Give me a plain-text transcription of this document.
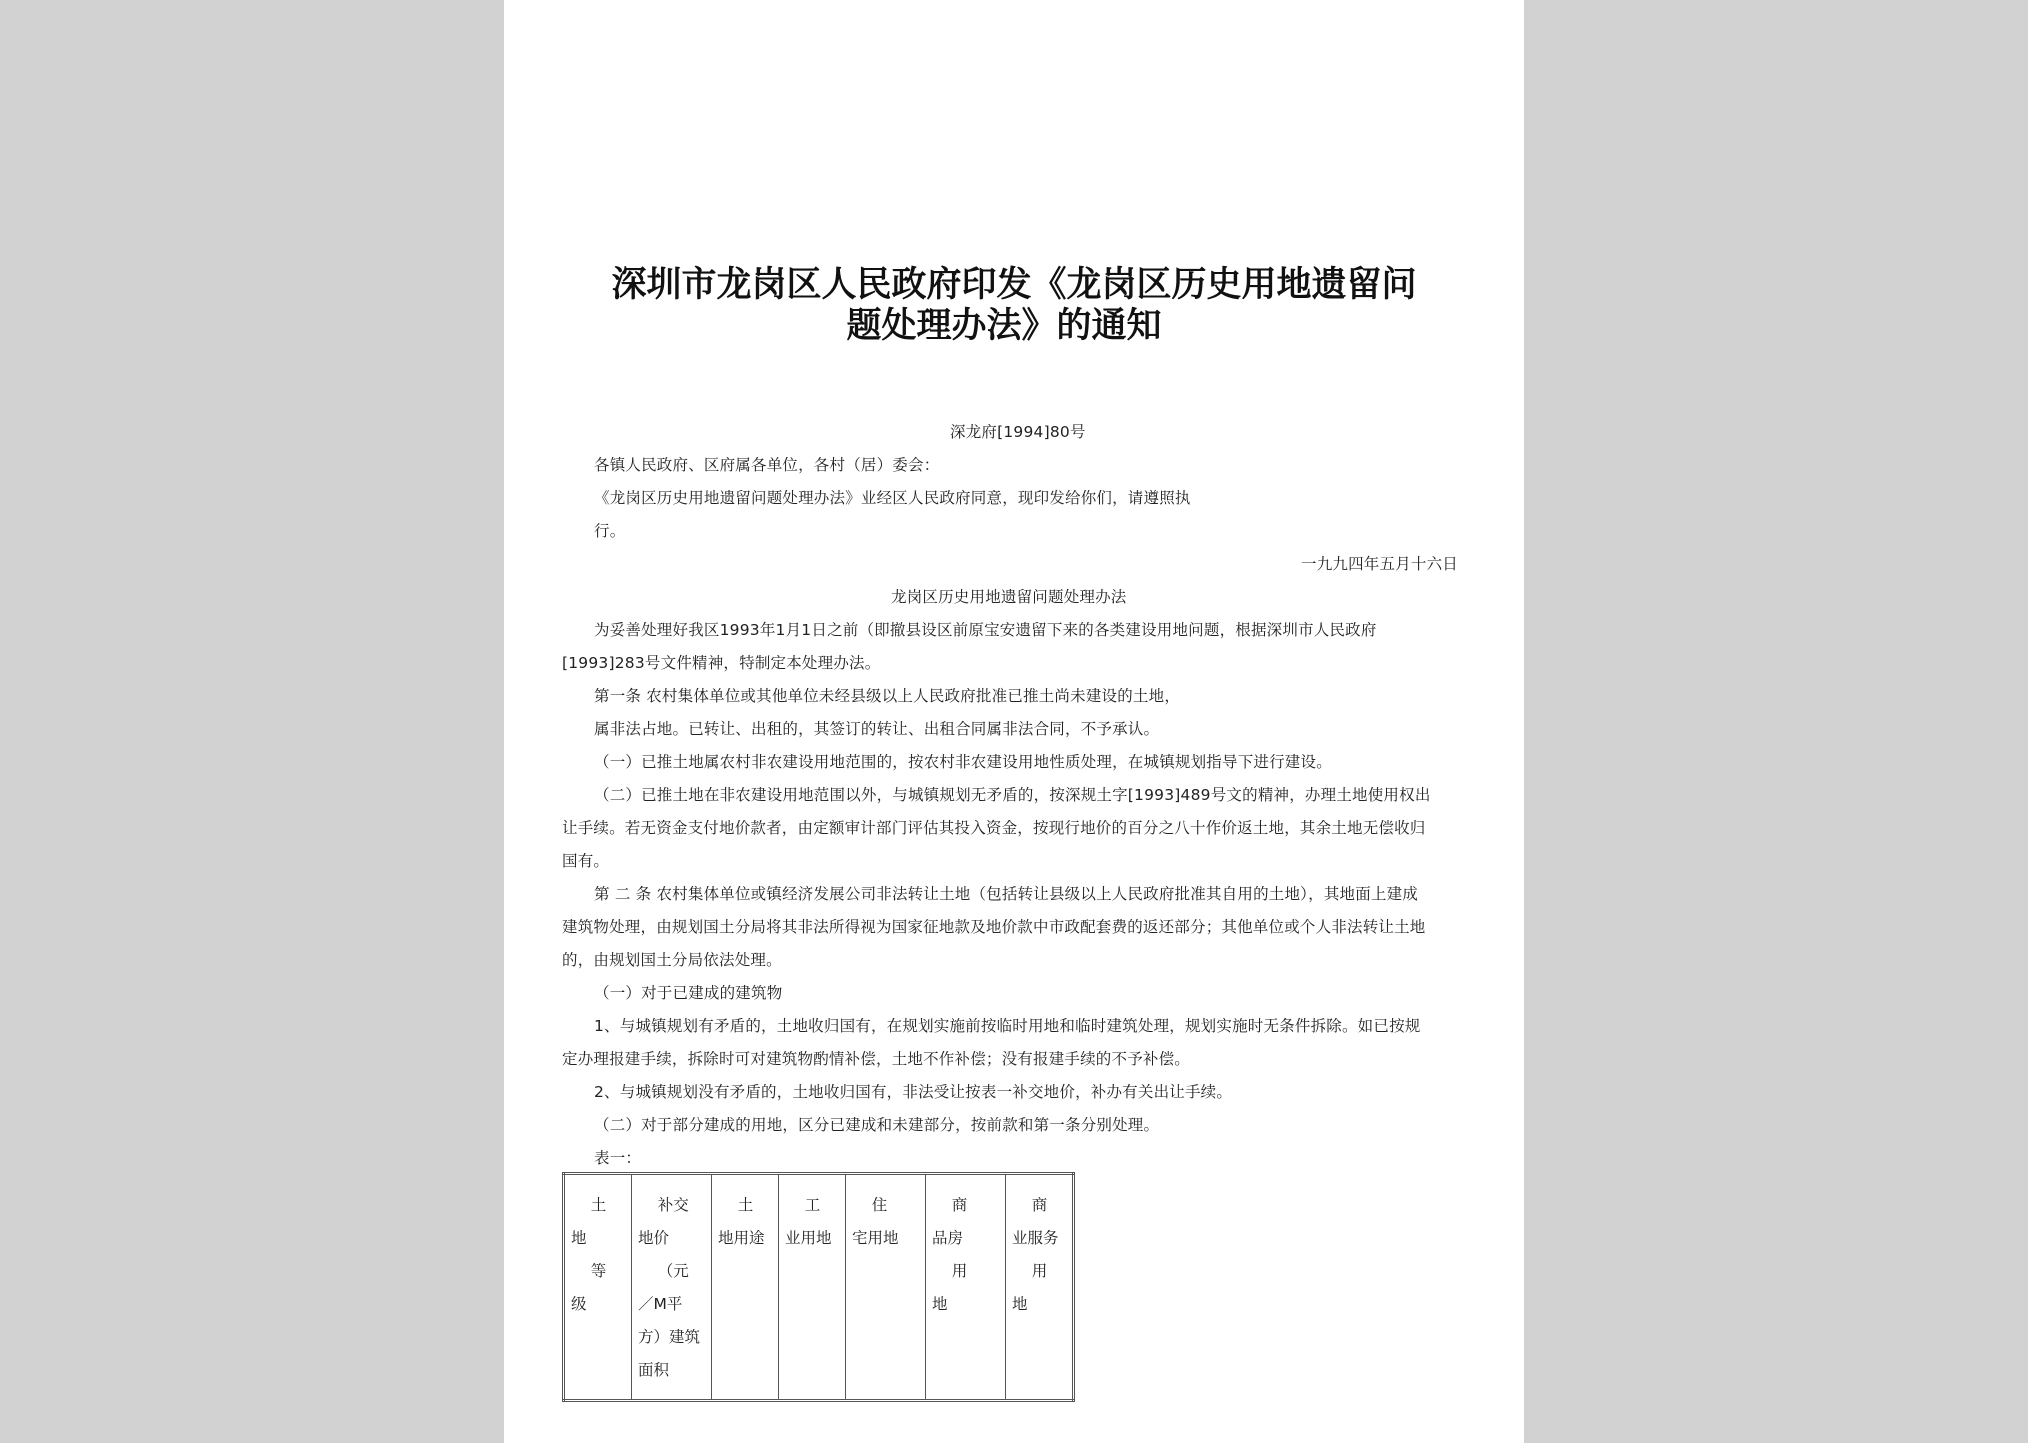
深圳市龙岗区人民政府印发《龙岗区历史用地遗留问
题处理办法》的通知
深龙府[1994]80号
各镇人民政府、区府属各单位，各村（居）委会：
《龙岗区历史用地遗留问题处理办法》业经区人民政府同意，现印发给你们，请遵照执
行。
一九九四年五月十六日
龙岗区历史用地遗留问题处理办法
为妥善处理好我区1993年1月1日之前（即撤县设区前原宝安遗留下来的各类建设用地问题，根据深圳市人民政府
[1993]283号文件精神，特制定本处理办法。
第一条 农村集体单位或其他单位未经县级以上人民政府批准已推土尚未建设的土地，
属非法占地。已转让、出租的，其签订的转让、出租合同属非法合同，不予承认。
（一）已推土地属农村非农建设用地范围的，按农村非农建设用地性质处理，在城镇规划指导下进行建设。
（二）已推土地在非农建设用地范围以外，与城镇规划无矛盾的，按深规土字[1993]489号文的精神，办理土地使用权出
让手续。若无资金支付地价款者，由定额审计部门评估其投入资金，按现行地价的百分之八十作价返土地，其余土地无偿收归
国有。
第 二 条 农村集体单位或镇经济发展公司非法转让土地（包括转让县级以上人民政府批准其自用的土地），其地面上建成
建筑物处理，由规划国土分局将其非法所得视为国家征地款及地价款中市政配套费的返还部分；其他单位或个人非法转让土地
的，由规划国土分局依法处理。
（一）对于已建成的建筑物
1、与城镇规划有矛盾的，土地收归国有，在规划实施前按临时用地和临时建筑处理，规划实施时无条件拆除。如已按规
定办理报建手续，拆除时可对建筑物酌情补偿，土地不作补偿；没有报建手续的不予补偿。
2、与城镇规划没有矛盾的，土地收归国有，非法受让按表一补交地价，补办有关出让手续。
（二）对于部分建成的用地，区分已建成和未建部分，按前款和第一条分别处理。
表一：
土
地
等
级	补交
地价
（元
／M平
方）建筑
面积	土
地用途	工
业用地	住
宅用地	商
品房
用
地	商
业服务
用
地
